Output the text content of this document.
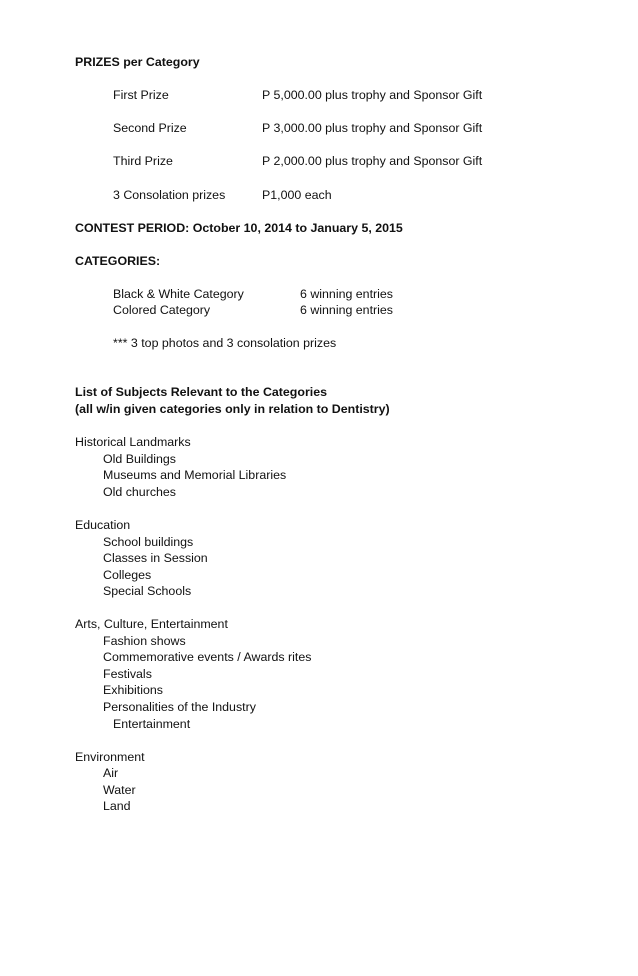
PRIZES per Category
First Prize	P 5,000.00 plus trophy and Sponsor Gift
Second Prize	P 3,000.00 plus trophy and Sponsor Gift
Third Prize	P 2,000.00 plus trophy and Sponsor Gift
3 Consolation prizes	P1,000 each
CONTEST PERIOD: October 10, 2014 to January 5, 2015
CATEGORIES:
Black & White Category	6 winning entries
Colored Category	6 winning entries
*** 3 top photos and 3 consolation prizes
List of Subjects Relevant to the Categories
(all w/in given categories only in relation to Dentistry)
Historical Landmarks
Old Buildings
Museums and Memorial Libraries
Old churches
Education
School buildings
Classes in Session
Colleges
Special Schools
Arts, Culture, Entertainment
Fashion shows
Commemorative events / Awards rites
Festivals
Exhibitions
Personalities of the Industry
Entertainment
Environment
Air
Water
Land
